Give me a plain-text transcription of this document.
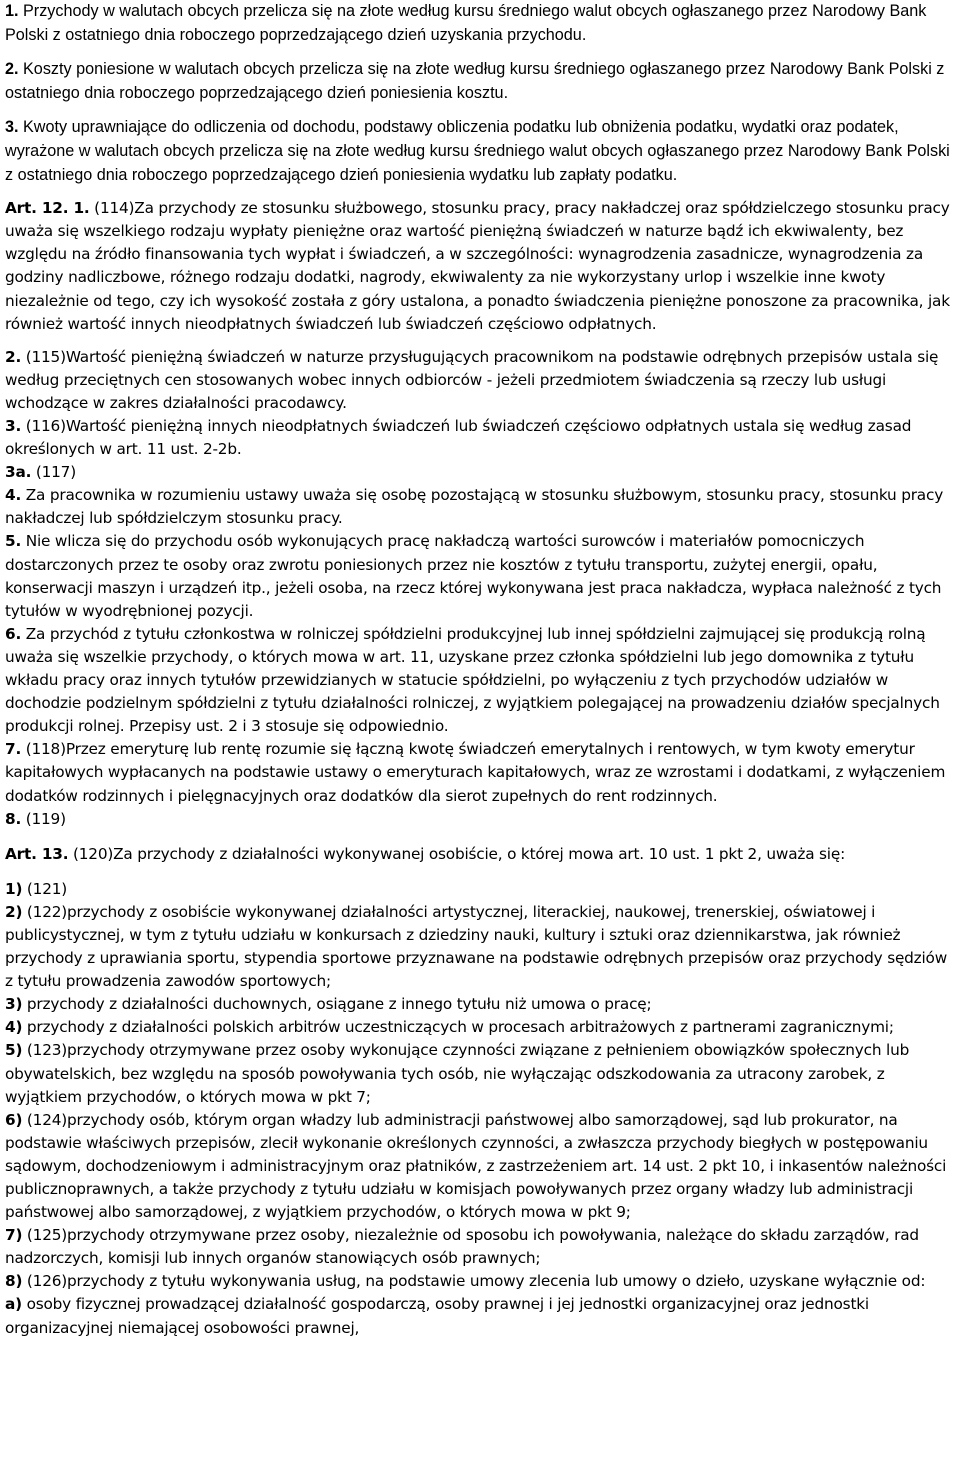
1. Przychody w walutach obcych przelicza się na złote według kursu średniego walut obcych ogłaszanego przez Narodowy Bank Polski z ostatniego dnia roboczego poprzedzającego dzień uzyskania przychodu.

2. Koszty poniesione w walutach obcych przelicza się na złote według kursu średniego ogłaszanego przez Narodowy Bank Polski z ostatniego dnia roboczego poprzedzającego dzień poniesienia kosztu.

3. Kwoty uprawniające do odliczenia od dochodu, podstawy obliczenia podatku lub obniżenia podatku, wydatki oraz podatek, wyrażone w walutach obcych przelicza się na złote według kursu średniego walut obcych ogłaszanego przez Narodowy Bank Polski z ostatniego dnia roboczego poprzedzającego dzień poniesienia wydatku lub zapłaty podatku.

Art. 12. 1. (114)Za przychody ze stosunku służbowego, stosunku pracy, pracy nakładczej oraz spółdzielczego stosunku pracy uważa się wszelkiego rodzaju wypłaty pieniężne oraz wartość pieniężną świadczeń w naturze bądź ich ekwiwalenty, bez względu na źródło finansowania tych wypłat i świadczeń, a w szczególności: wynagrodzenia zasadnicze, wynagrodzenia za godziny nadliczbowe, różnego rodzaju dodatki, nagrody, ekwiwalenty za nie wykorzystany urlop i wszelkie inne kwoty niezależnie od tego, czy ich wysokość została z góry ustalona, a ponadto świadczenia pieniężne ponoszone za pracownika, jak również wartość innych nieodpłatnych świadczeń lub świadczeń częściowo odpłatnych.

2. (115)Wartość pieniężną świadczeń w naturze przysługujących pracownikom na podstawie odrębnych przepisów ustala się według przeciętnych cen stosowanych wobec innych odbiorców - jeżeli przedmiotem świadczenia są rzeczy lub usługi wchodzące w zakres działalności pracodawcy.

3. (116)Wartość pieniężną innych nieodpłatnych świadczeń lub świadczeń częściowo odpłatnych ustala się według zasad określonych w art. 11 ust. 2-2b.

3a. (117)

4. Za pracownika w rozumieniu ustawy uważa się osobę pozostającą w stosunku służbowym, stosunku pracy, stosunku pracy nakładczej lub spółdzielczym stosunku pracy.

5. Nie wlicza się do przychodu osób wykonujących pracę nakładczą wartości surowców i materiałów pomocniczych dostarczonych przez te osoby oraz zwrotu poniesionych przez nie kosztów z tytułu transportu, zużytej energii, opału, konserwacji maszyn i urządzeń itp., jeżeli osoba, na rzecz której wykonywana jest praca nakładcza, wypłaca należność z tych tytułów w wyodrębnionej pozycji.

6. Za przychód z tytułu członkostwa w rolniczej spółdzielni produkcyjnej lub innej spółdzielni zajmującej się produkcją rolną uważa się wszelkie przychody, o których mowa w art. 11, uzyskane przez członka spółdzielni lub jego domownika z tytułu wkładu pracy oraz innych tytułów przewidzianych w statucie spółdzielni, po wyłączeniu z tych przychodów udziałów w dochodzie podzielnym spółdzielni z tytułu działalności rolniczej, z wyjątkiem polegającej na prowadzeniu działów specjalnych produkcji rolnej. Przepisy ust. 2 i 3 stosuje się odpowiednio.

7. (118)Przez emeryturę lub rentę rozumie się łączną kwotę świadczeń emerytalnych i rentowych, w tym kwoty emerytur kapitałowych wypłacanych na podstawie ustawy o emeryturach kapitałowych, wraz ze wzrostami i dodatkami, z wyłączeniem dodatków rodzinnych i pielęgnacyjnych oraz dodatków dla sierot zupełnych do rent rodzinnych.

8. (119)

Art. 13. (120)Za przychody z działalności wykonywanej osobiście, o której mowa art. 10 ust. 1 pkt 2, uważa się:

1) (121)

2) (122)przychody z osobiście wykonywanej działalności artystycznej, literackiej, naukowej, trenerskiej, oświatowej i publicystycznej, w tym z tytułu udziału w konkursach z dziedziny nauki, kultury i sztuki oraz dziennikarstwa, jak również przychody z uprawiania sportu, stypendia sportowe przyznawane na podstawie odrębnych przepisów oraz przychody sędziów z tytułu prowadzenia zawodów sportowych;

3) przychody z działalności duchownych, osiągane z innego tytułu niż umowa o pracę;

4) przychody z działalności polskich arbitrów uczestniczących w procesach arbitrażowych z partnerami zagranicznymi;

5) (123)przychody otrzymywane przez osoby wykonujące czynności związane z pełnieniem obowiązków społecznych lub obywatelskich, bez względu na sposób powoływania tych osób, nie wyłączając odszkodowania za utracony zarobek, z wyjątkiem przychodów, o których mowa w pkt 7;

6) (124)przychody osób, którym organ władzy lub administracji państwowej albo samorządowej, sąd lub prokurator, na podstawie właściwych przepisów, zlecił wykonanie określonych czynności, a zwłaszcza przychody biegłych w postępowaniu sądowym, dochodzeniowym i administracyjnym oraz płatników, z zastrzeżeniem art. 14 ust. 2 pkt 10, i inkasentów należności publicznoprawnych, a także przychody z tytułu udziału w komisjach powoływanych przez organy władzy lub administracji państwowej albo samorządowej, z wyjątkiem przychodów, o których mowa w pkt 9;

7) (125)przychody otrzymywane przez osoby, niezależnie od sposobu ich powoływania, należące do składu zarządów, rad nadzorczych, komisji lub innych organów stanowiących osób prawnych;

8) (126)przychody z tytułu wykonywania usług, na podstawie umowy zlecenia lub umowy o dzieło, uzyskane wyłącznie od:

a) osoby fizycznej prowadzącej działalność gospodarczą, osoby prawnej i jej jednostki organizacyjnej oraz jednostki organizacyjnej niemającej osobowości prawnej,
